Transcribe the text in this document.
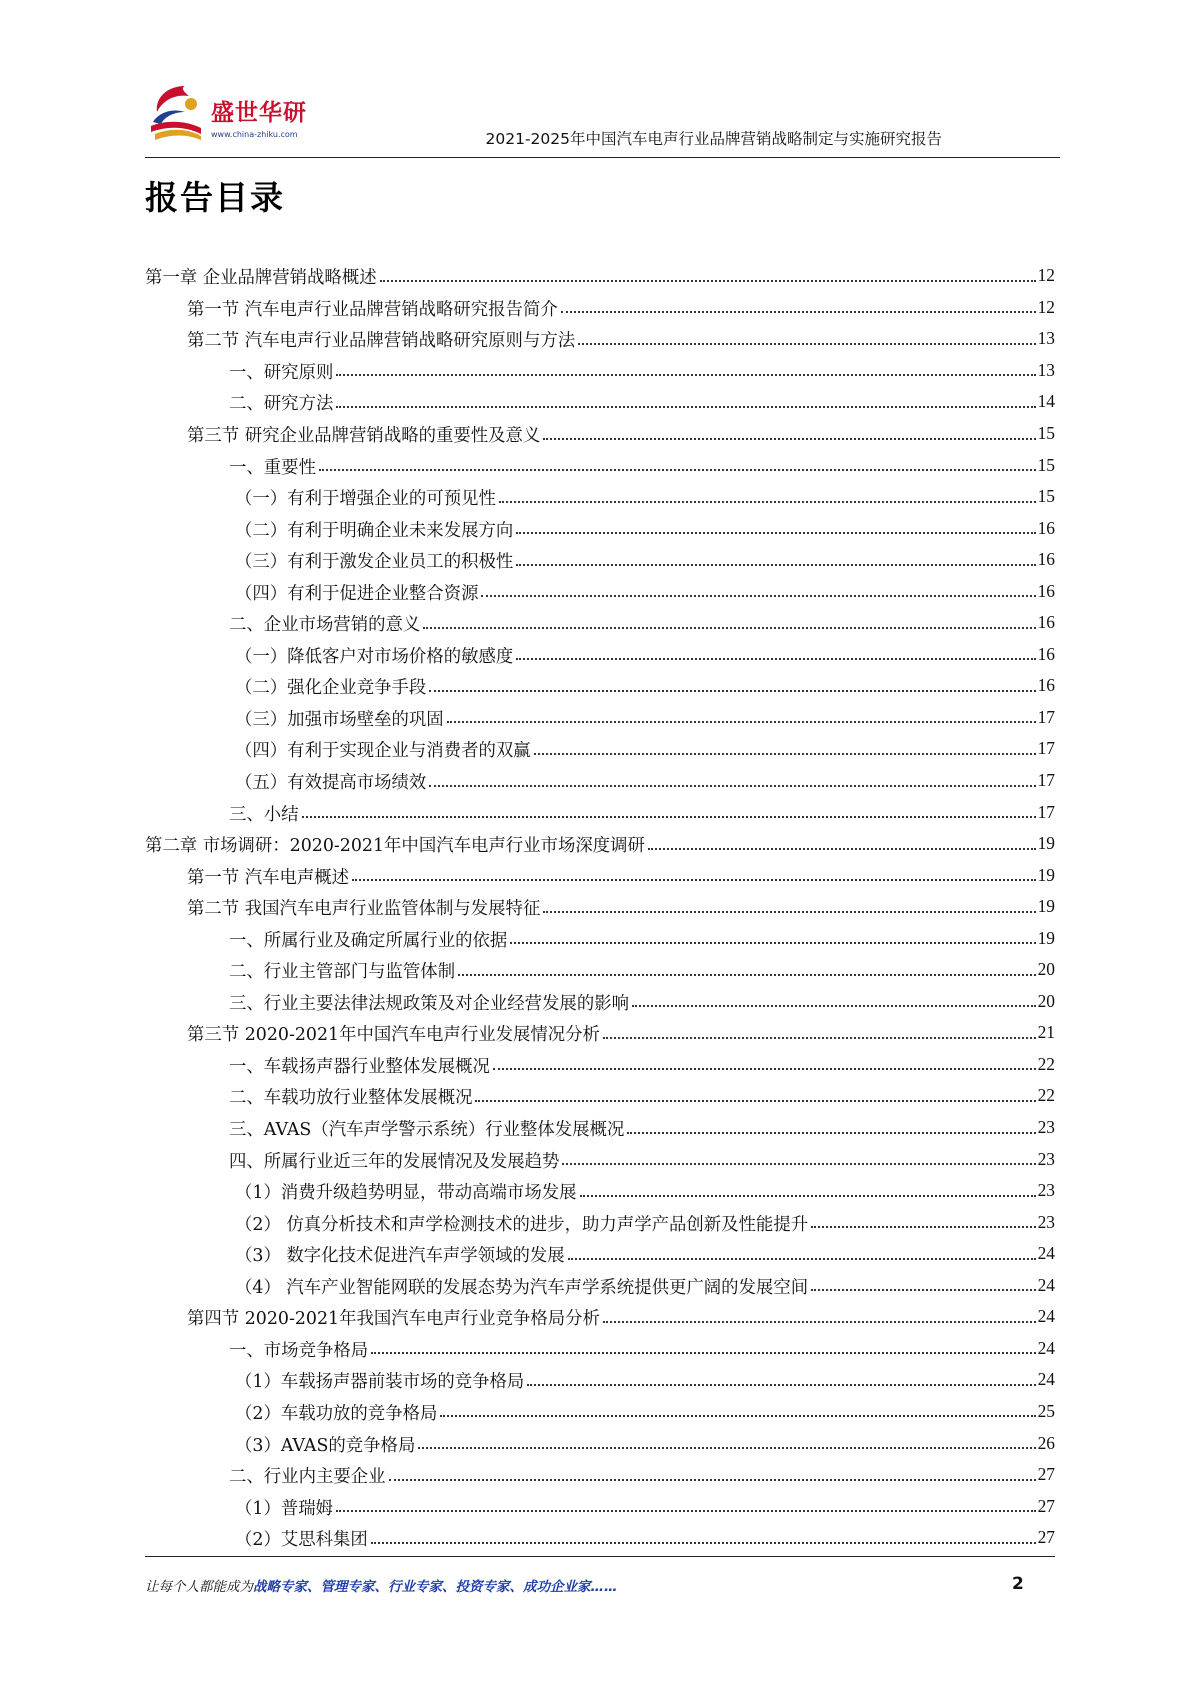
盛世华研
www.china-zhiku.com	2021-2025年中国汽车电声行业品牌营销战略制定与实施研究报告
报告目录
第一章 企业品牌营销战略概述	12
第一节 汽车电声行业品牌营销战略研究报告简介	12
第二节 汽车电声行业品牌营销战略研究原则与方法	13
一、研究原则	13
二、研究方法	14
第三节 研究企业品牌营销战略的重要性及意义	15
一、重要性	15
（一）有利于增强企业的可预见性	15
（二）有利于明确企业未来发展方向	16
（三）有利于激发企业员工的积极性	16
（四）有利于促进企业整合资源	16
二、企业市场营销的意义	16
（一）降低客户对市场价格的敏感度	16
（二）强化企业竞争手段	16
（三）加强市场壁垒的巩固	17
（四）有利于实现企业与消费者的双赢	17
（五）有效提高市场绩效	17
三、小结	17
第二章 市场调研：2020-2021年中国汽车电声行业市场深度调研	19
第一节 汽车电声概述	19
第二节 我国汽车电声行业监管体制与发展特征	19
一、所属行业及确定所属行业的依据	19
二、行业主管部门与监管体制	20
三、行业主要法律法规政策及对企业经营发展的影响	20
第三节 2020-2021年中国汽车电声行业发展情况分析	21
一、车载扬声器行业整体发展概况	22
二、车载功放行业整体发展概况	22
三、AVAS（汽车声学警示系统）行业整体发展概况	23
四、所属行业近三年的发展情况及发展趋势	23
（1）消费升级趋势明显，带动高端市场发展	23
（2） 仿真分析技术和声学检测技术的进步，助力声学产品创新及性能提升	23
（3） 数字化技术促进汽车声学领域的发展	24
（4） 汽车产业智能网联的发展态势为汽车声学系统提供更广阔的发展空间	24
第四节 2020-2021年我国汽车电声行业竞争格局分析	24
一、市场竞争格局	24
（1）车载扬声器前装市场的竞争格局	24
（2）车载功放的竞争格局	25
（3）AVAS的竞争格局	26
二、行业内主要企业	27
（1）普瑞姆	27
（2）艾思科集团	27
让每个人都能成为战略专家、管理专家、行业专家、投资专家、成功企业家……	2
